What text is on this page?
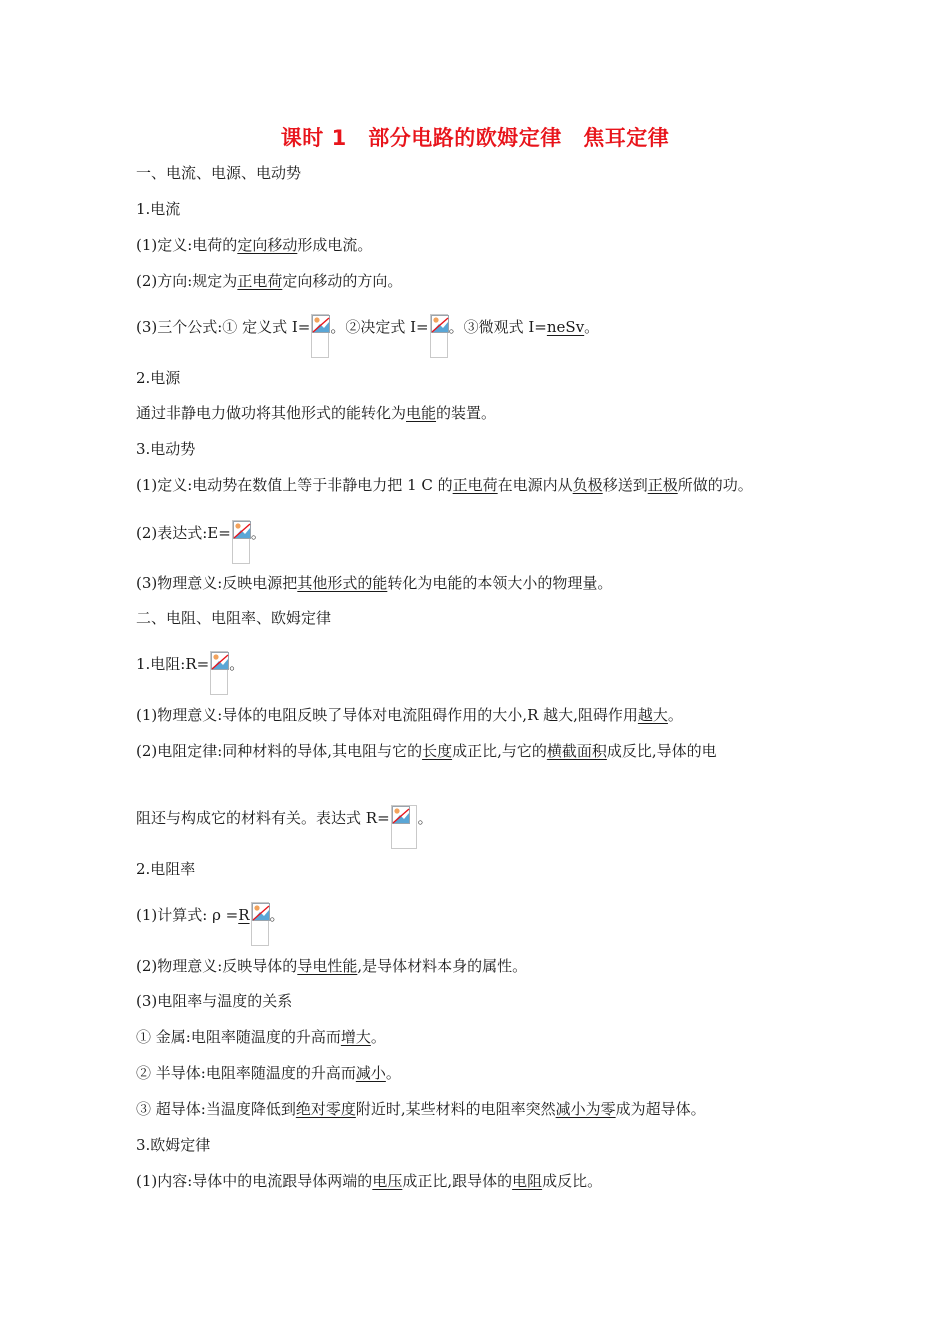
课时 1　部分电路的欧姆定律　焦耳定律
一、电流、电源、电动势
1.电流
(1)定义:电荷的定向移动形成电流。
(2)方向:规定为正电荷定向移动的方向。
(3)三个公式:① 定义式 I= 。②决定式 I= 。③微观式 I=neSv。
2.电源
通过非静电力做功将其他形式的能转化为电能的装置。
3.电动势
(1)定义:电动势在数值上等于非静电力把 1 C 的正电荷在电源内从负极移送到正极所做的功。
(2)表达式:E= 。
(3)物理意义:反映电源把其他形式的能转化为电能的本领大小的物理量。
二、电阻、电阻率、欧姆定律
1.电阻:R= 。
(1)物理意义:导体的电阻反映了导体对电流阻碍作用的大小,R 越大,阻碍作用越大。
(2)电阻定律:同种材料的导体,其电阻与它的长度成正比,与它的横截面积成反比,导体的电
阻还与构成它的材料有关。表达式 R= 。
2.电阻率
(1)计算式: ρ =R 。
(2)物理意义:反映导体的导电性能,是导体材料本身的属性。
(3)电阻率与温度的关系
① 金属:电阻率随温度的升高而增大。
② 半导体:电阻率随温度的升高而减小。
③ 超导体:当温度降低到绝对零度附近时,某些材料的电阻率突然减小为零成为超导体。
3.欧姆定律
(1)内容:导体中的电流跟导体两端的电压成正比,跟导体的电阻成反比。
